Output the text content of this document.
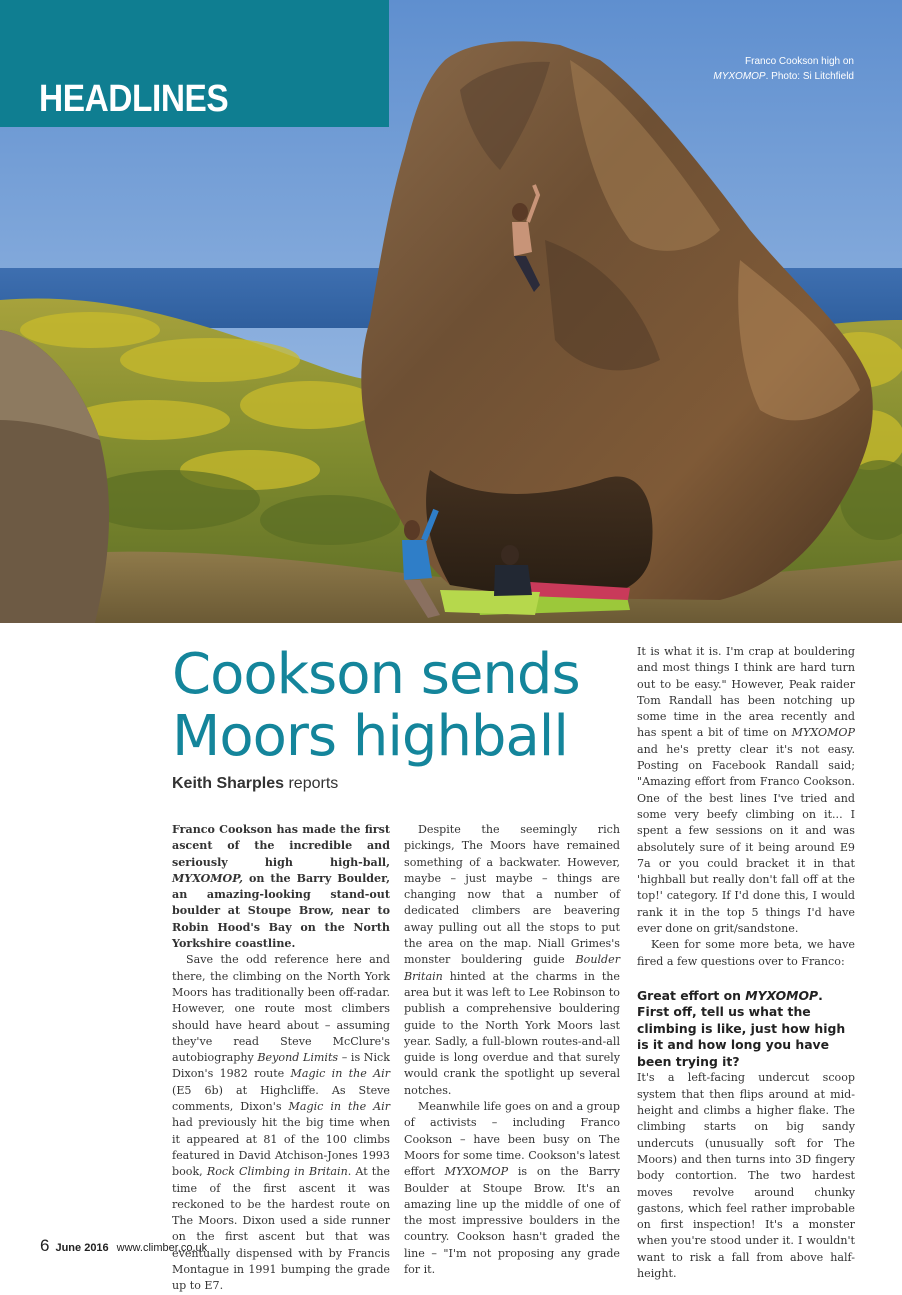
HEADLINES
Franco Cookson high on
MYXOMOP. Photo: Si Litchfield
Cookson sends
Moors highball
Keith Sharples reports

Franco Cookson has made the first ascent of the incredible and seriously high high-ball, MYXOMOP, on the Barry Boulder, an amazing-looking stand-out boulder at Stoupe Brow, near to Robin Hood's Bay on the North Yorkshire coastline.

Save the odd reference here and there, the climbing on the North York Moors has traditionally been off-radar. However, one route most climbers should have heard about – assuming they've read Steve McClure's autobiography Beyond Limits – is Nick Dixon's 1982 route Magic in the Air (E5 6b) at Highcliffe. As Steve comments, Dixon's Magic in the Air had previously hit the big time when it appeared at 81 of the 100 climbs featured in David Atchison-Jones 1993 book, Rock Climbing in Britain. At the time of the first ascent it was reckoned to be the hardest route on The Moors. Dixon used a side runner on the first ascent but that was eventually dispensed with by Francis Montague in 1991 bumping the grade up to E7.

Despite the seemingly rich pickings, The Moors have remained something of a backwater. However, maybe – just maybe – things are changing now that a number of dedicated climbers are beavering away pulling out all the stops to put the area on the map. Niall Grimes's monster bouldering guide Boulder Britain hinted at the charms in the area but it was left to Lee Robinson to publish a comprehensive bouldering guide to the North York Moors last year. Sadly, a full-blown routes-and-all guide is long overdue and that surely would crank the spotlight up several notches.

Meanwhile life goes on and a group of activists – including Franco Cookson – have been busy on The Moors for some time. Cookson's latest effort MYXOMOP is on the Barry Boulder at Stoupe Brow. It's an amazing line up the middle of one of the most impressive boulders in the country. Cookson hasn't graded the line – "I'm not proposing any grade for it.

It is what it is. I'm crap at bouldering and most things I think are hard turn out to be easy." However, Peak raider Tom Randall has been notching up some time in the area recently and has spent a bit of time on MYXOMOP and he's pretty clear it's not easy. Posting on Facebook Randall said; "Amazing effort from Franco Cookson. One of the best lines I've tried and some very beefy climbing on it... I spent a few sessions on it and was absolutely sure of it being around E9 7a or you could bracket it in that 'highball but really don't fall off at the top!' category. If I'd done this, I would rank it in the top 5 things I'd have ever done on grit/sandstone.

Keen for some more beta, we have fired a few questions over to Franco:

Great effort on MYXOMOP. First off, tell us what the climbing is like, just how high is it and how long you have been trying it?

It's a left-facing undercut scoop system that then flips around at mid-height and climbs a higher flake. The climbing starts on big sandy undercuts (unusually soft for The Moors) and then turns into 3D fingery body contortion. The two hardest moves revolve around chunky gastons, which feel rather improbable on first inspection! It's a monster when you're stood under it. I wouldn't want to risk a fall from above half-height.

6 June 2016 www.climber.co.uk
